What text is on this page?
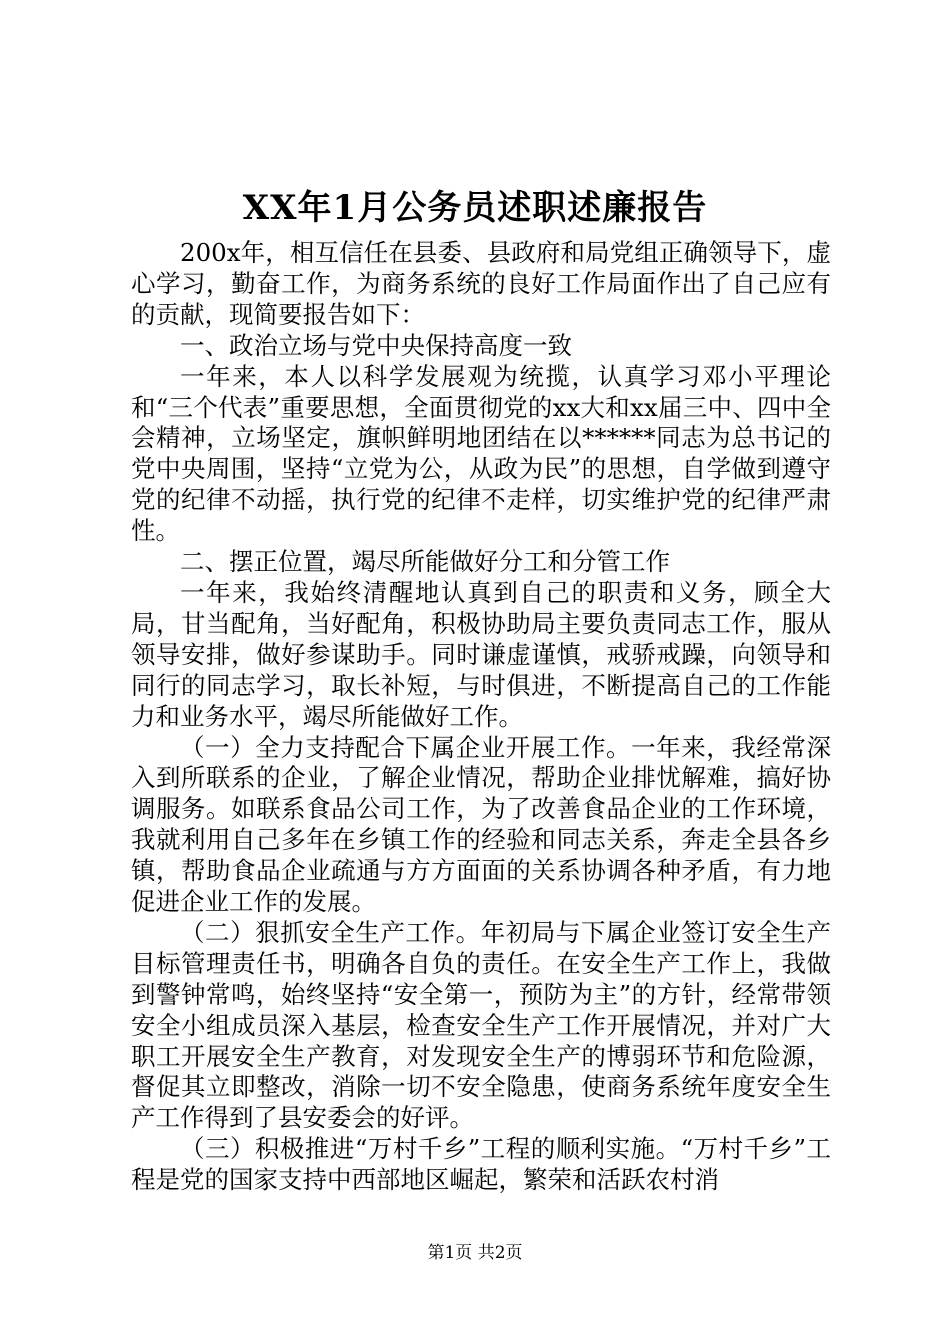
XX年1月公务员述职述廉报告

200x年，相互信任在县委、县政府和局党组正确领导下，虚心学习，勤奋工作，为商务系统的良好工作局面作出了自己应有的贡献，现简要报告如下：

一、政治立场与党中央保持高度一致

一年来，本人以科学发展观为统揽，认真学习邓小平理论和“三个代表”重要思想，全面贯彻党的xx大和xx届三中、四中全会精神，立场坚定，旗帜鲜明地团结在以******同志为总书记的党中央周围，坚持“立党为公，从政为民”的思想，自学做到遵守党的纪律不动摇，执行党的纪律不走样，切实维护党的纪律严肃性。

二、摆正位置，竭尽所能做好分工和分管工作

一年来，我始终清醒地认真到自己的职责和义务，顾全大局，甘当配角，当好配角，积极协助局主要负责同志工作，服从领导安排，做好参谋助手。同时谦虚谨慎，戒骄戒躁，向领导和同行的同志学习，取长补短，与时俱进，不断提高自己的工作能力和业务水平，竭尽所能做好工作。

（一）全力支持配合下属企业开展工作。一年来，我经常深入到所联系的企业，了解企业情况，帮助企业排忧解难，搞好协调服务。如联系食品公司工作，为了改善食品企业的工作环境，我就利用自己多年在乡镇工作的经验和同志关系，奔走全县各乡镇，帮助食品企业疏通与方方面面的关系协调各种矛盾，有力地促进企业工作的发展。

（二）狠抓安全生产工作。年初局与下属企业签订安全生产目标管理责任书，明确各自负的责任。在安全生产工作上，我做到警钟常鸣，始终坚持“安全第一，预防为主”的方针，经常带领安全小组成员深入基层，检查安全生产工作开展情况，并对广大职工开展安全生产教育，对发现安全生产的博弱环节和危险源，督促其立即整改，消除一切不安全隐患，使商务系统年度安全生产工作得到了县安委会的好评。

（三）积极推进“万村千乡”工程的顺利实施。“万村千乡”工程是党的国家支持中西部地区崛起，繁荣和活跃农村消

第1页 共2页
